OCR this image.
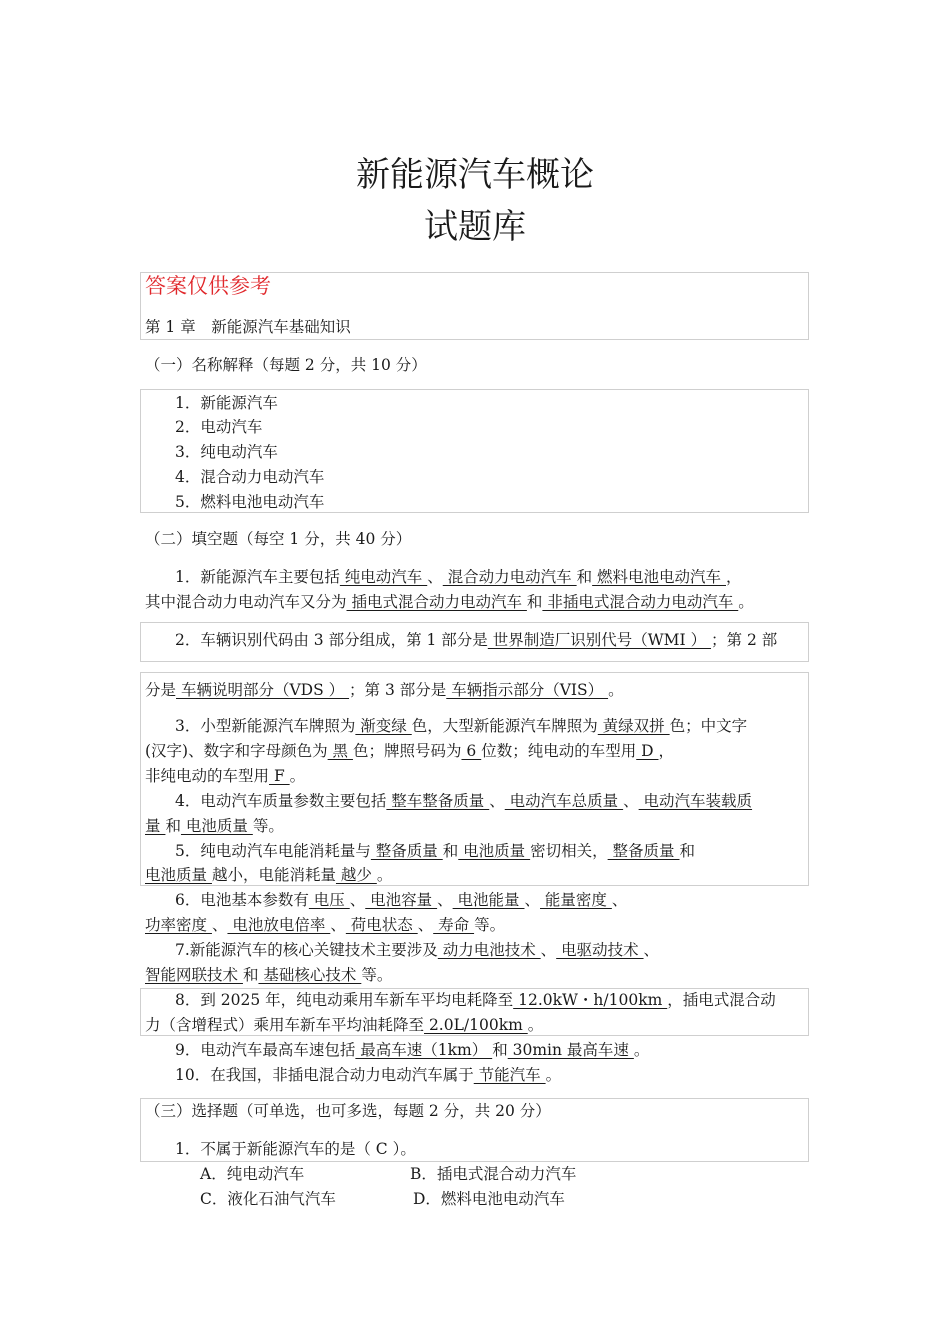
新能源汽车概论
试题库
答案仅供参考
第 1 章　新能源汽车基础知识
（一）名称解释（每题 2 分，共 10 分）
1．新能源汽车
2．电动汽车
3．纯电动汽车
4．混合动力电动汽车
5．燃料电池电动汽车
（二）填空题（每空 1 分，共 40 分）
1．新能源汽车主要包括 纯电动汽车 、 混合动力电动汽车 和 燃料电池电动汽车 ，
其中混合动力电动汽车又分为 插电式混合动力电动汽车 和 非插电式混合动力电动汽车 。
2．车辆识别代码由 3 部分组成，第 1 部分是 世界制造厂识别代号（WMI ） ；第 2 部
分是 车辆说明部分（VDS ） ；第 3 部分是 车辆指示部分（VIS） 。
3．小型新能源汽车牌照为 渐变绿 色，大型新能源汽车牌照为 黄绿双拼 色；中文字
(汉字)、数字和字母颜色为 黑 色；牌照号码为 6 位数；纯电动的车型用 D ，
非纯电动的车型用 F 。
4．电动汽车质量参数主要包括 整车整备质量 、 电动汽车总质量 、 电动汽车装载质
量 和 电池质量 等。
5．纯电动汽车电能消耗量与 整备质量 和 电池质量 密切相关， 整备质量 和
电池质量 越小，电能消耗量 越少 。
6．电池基本参数有 电压 、 电池容量 、 电池能量 、 能量密度 、
功率密度 、 电池放电倍率 、 荷电状态 、 寿命 等。
7.新能源汽车的核心关键技术主要涉及 动力电池技术 、 电驱动技术 、
智能网联技术 和 基础核心技术 等。
8．到 2025 年，纯电动乘用车新车平均电耗降至 12.0kW・h/100km ，插电式混合动
力（含增程式）乘用车新车平均油耗降至 2.0L/100km 。
9．电动汽车最高车速包括 最高车速（1km） 和 30min 最高车速 。
10．在我国，非插电混合动力电动汽车属于 节能汽车 。
（三）选择题（可单选，也可多选，每题 2 分，共 20 分）
1．不属于新能源汽车的是（ C ）。
A．纯电动汽车	B．插电式混合动力汽车
C．液化石油气汽车	D．燃料电池电动汽车
